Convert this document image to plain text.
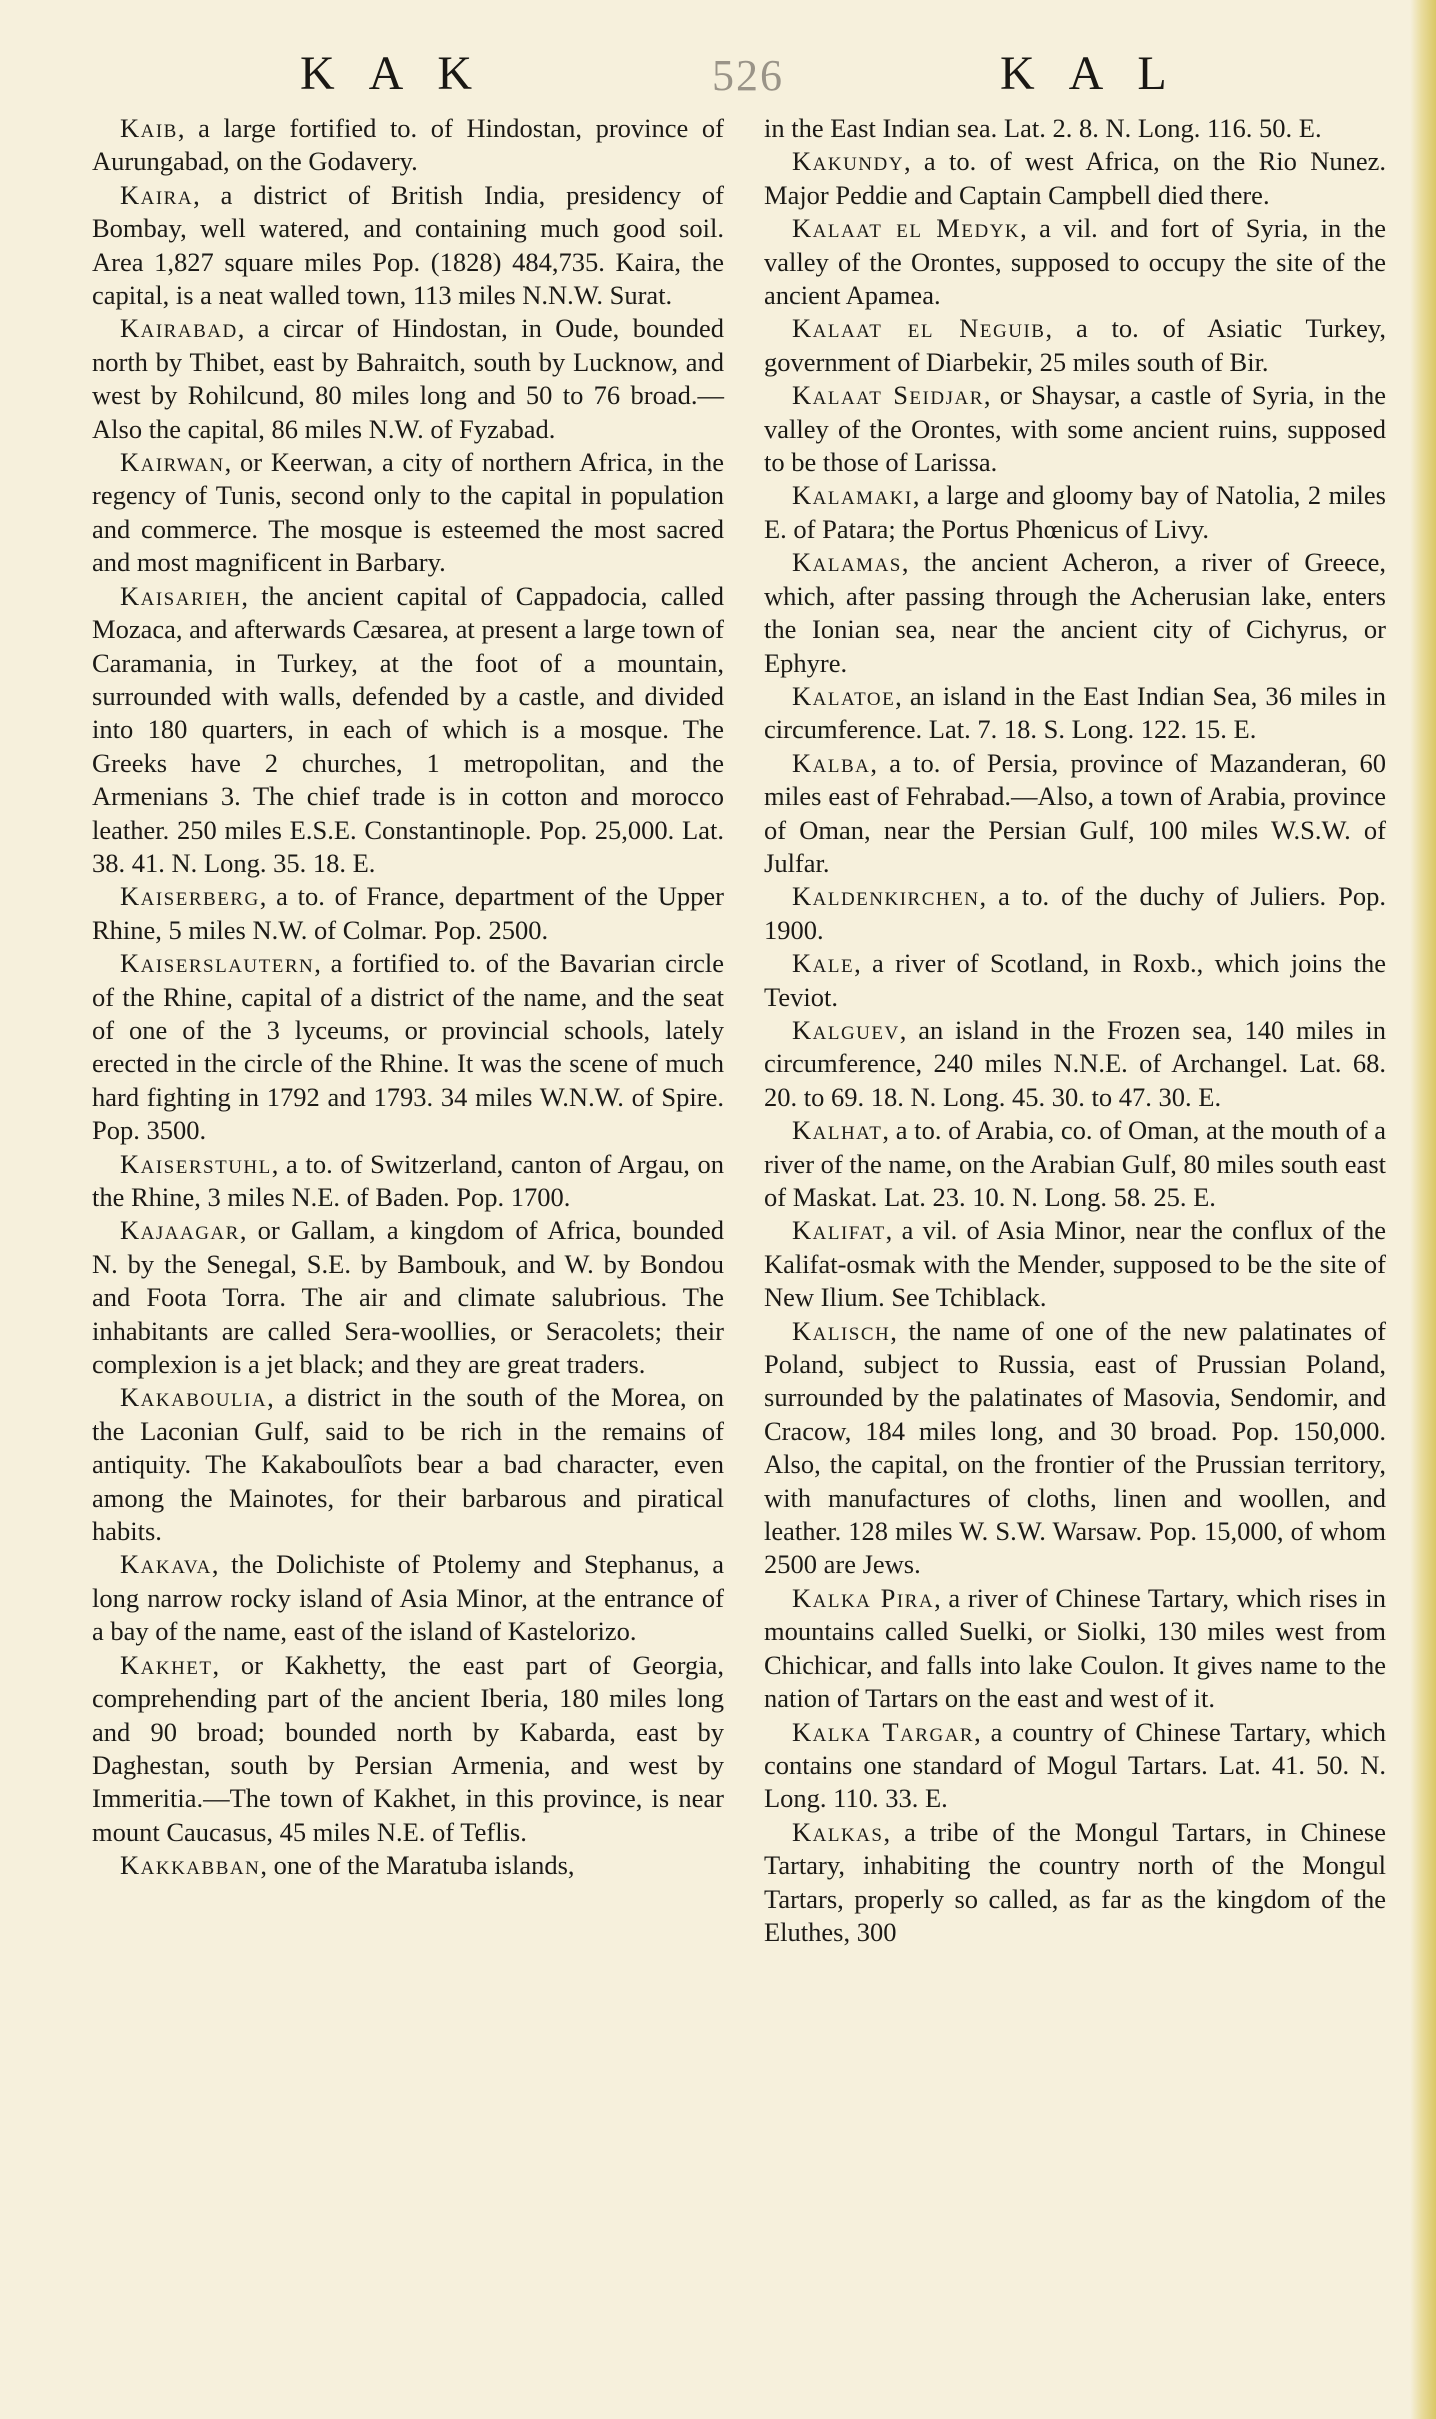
KAK	526	KAL

Kaib, a large fortified to. of Hindostan, province of Aurungabad, on the Godavery.

Kaira, a district of British India, presidency of Bombay, well watered, and containing much good soil. Area 1,827 square miles Pop. (1828) 484,735. Kaira, the capital, is a neat walled town, 113 miles N.N.W. Surat.

Kairabad, a circar of Hindostan, in Oude, bounded north by Thibet, east by Bahraitch, south by Lucknow, and west by Rohilcund, 80 miles long and 50 to 76 broad.—Also the capital, 86 miles N.W. of Fyzabad.

Kairwan, or Keerwan, a city of northern Africa, in the regency of Tunis, second only to the capital in population and commerce. The mosque is esteemed the most sacred and most magnificent in Barbary.

Kaisarieh, the ancient capital of Cappadocia, called Mozaca, and afterwards Cæsarea, at present a large town of Caramania, in Turkey, at the foot of a mountain, surrounded with walls, defended by a castle, and divided into 180 quarters, in each of which is a mosque. The Greeks have 2 churches, 1 metropolitan, and the Armenians 3. The chief trade is in cotton and morocco leather. 250 miles E.S.E. Constantinople. Pop. 25,000. Lat. 38. 41. N. Long. 35. 18. E.

Kaiserberg, a to. of France, department of the Upper Rhine, 5 miles N.W. of Colmar. Pop. 2500.

Kaiserslautern, a fortified to. of the Bavarian circle of the Rhine, capital of a district of the name, and the seat of one of the 3 lyceums, or provincial schools, lately erected in the circle of the Rhine. It was the scene of much hard fighting in 1792 and 1793. 34 miles W.N.W. of Spire. Pop. 3500.

Kaiserstuhl, a to. of Switzerland, canton of Argau, on the Rhine, 3 miles N.E. of Baden. Pop. 1700.

Kajaagar, or Gallam, a kingdom of Africa, bounded N. by the Senegal, S.E. by Bambouk, and W. by Bondou and Foota Torra. The air and climate salubrious. The inhabitants are called Sera-woollies, or Seracolets; their complexion is a jet black; and they are great traders.

Kakaboulia, a district in the south of the Morea, on the Laconian Gulf, said to be rich in the remains of antiquity. The Kakaboulîots bear a bad character, even among the Mainotes, for their barbarous and piratical habits.

Kakava, the Dolichiste of Ptolemy and Stephanus, a long narrow rocky island of Asia Minor, at the entrance of a bay of the name, east of the island of Kastelorizo.

Kakhet, or Kakhetty, the east part of Georgia, comprehending part of the ancient Iberia, 180 miles long and 90 broad; bounded north by Kabarda, east by Daghestan, south by Persian Armenia, and west by Immeritia.—The town of Kakhet, in this province, is near mount Caucasus, 45 miles N.E. of Teflis.

Kakkabban, one of the Maratuba islands,

in the East Indian sea. Lat. 2. 8. N. Long. 116. 50. E.

Kakundy, a to. of west Africa, on the Rio Nunez. Major Peddie and Captain Campbell died there.

Kalaat el Medyk, a vil. and fort of Syria, in the valley of the Orontes, supposed to occupy the site of the ancient Apamea.

Kalaat el Neguib, a to. of Asiatic Turkey, government of Diarbekir, 25 miles south of Bir.

Kalaat Seidjar, or Shaysar, a castle of Syria, in the valley of the Orontes, with some ancient ruins, supposed to be those of Larissa.

Kalamaki, a large and gloomy bay of Natolia, 2 miles E. of Patara; the Portus Phœnicus of Livy.

Kalamas, the ancient Acheron, a river of Greece, which, after passing through the Acherusian lake, enters the Ionian sea, near the ancient city of Cichyrus, or Ephyre.

Kalatoe, an island in the East Indian Sea, 36 miles in circumference. Lat. 7. 18. S. Long. 122. 15. E.

Kalba, a to. of Persia, province of Mazanderan, 60 miles east of Fehrabad.—Also, a town of Arabia, province of Oman, near the Persian Gulf, 100 miles W.S.W. of Julfar.

Kaldenkirchen, a to. of the duchy of Juliers. Pop. 1900.

Kale, a river of Scotland, in Roxb., which joins the Teviot.

Kalguev, an island in the Frozen sea, 140 miles in circumference, 240 miles N.N.E. of Archangel. Lat. 68. 20. to 69. 18. N. Long. 45. 30. to 47. 30. E.

Kalhat, a to. of Arabia, co. of Oman, at the mouth of a river of the name, on the Arabian Gulf, 80 miles south east of Maskat. Lat. 23. 10. N. Long. 58. 25. E.

Kalifat, a vil. of Asia Minor, near the conflux of the Kalifat-osmak with the Mender, supposed to be the site of New Ilium. See Tchiblack.

Kalisch, the name of one of the new palatinates of Poland, subject to Russia, east of Prussian Poland, surrounded by the palatinates of Masovia, Sendomir, and Cracow, 184 miles long, and 30 broad. Pop. 150,000. Also, the capital, on the frontier of the Prussian territory, with manufactures of cloths, linen and woollen, and leather. 128 miles W. S.W. Warsaw. Pop. 15,000, of whom 2500 are Jews.

Kalka Pira, a river of Chinese Tartary, which rises in mountains called Suelki, or Siolki, 130 miles west from Chichicar, and falls into lake Coulon. It gives name to the nation of Tartars on the east and west of it.

Kalka Targar, a country of Chinese Tartary, which contains one standard of Mogul Tartars. Lat. 41. 50. N. Long. 110. 33. E.

Kalkas, a tribe of the Mongul Tartars, in Chinese Tartary, inhabiting the country north of the Mongul Tartars, properly so called, as far as the kingdom of the Eluthes, 300
